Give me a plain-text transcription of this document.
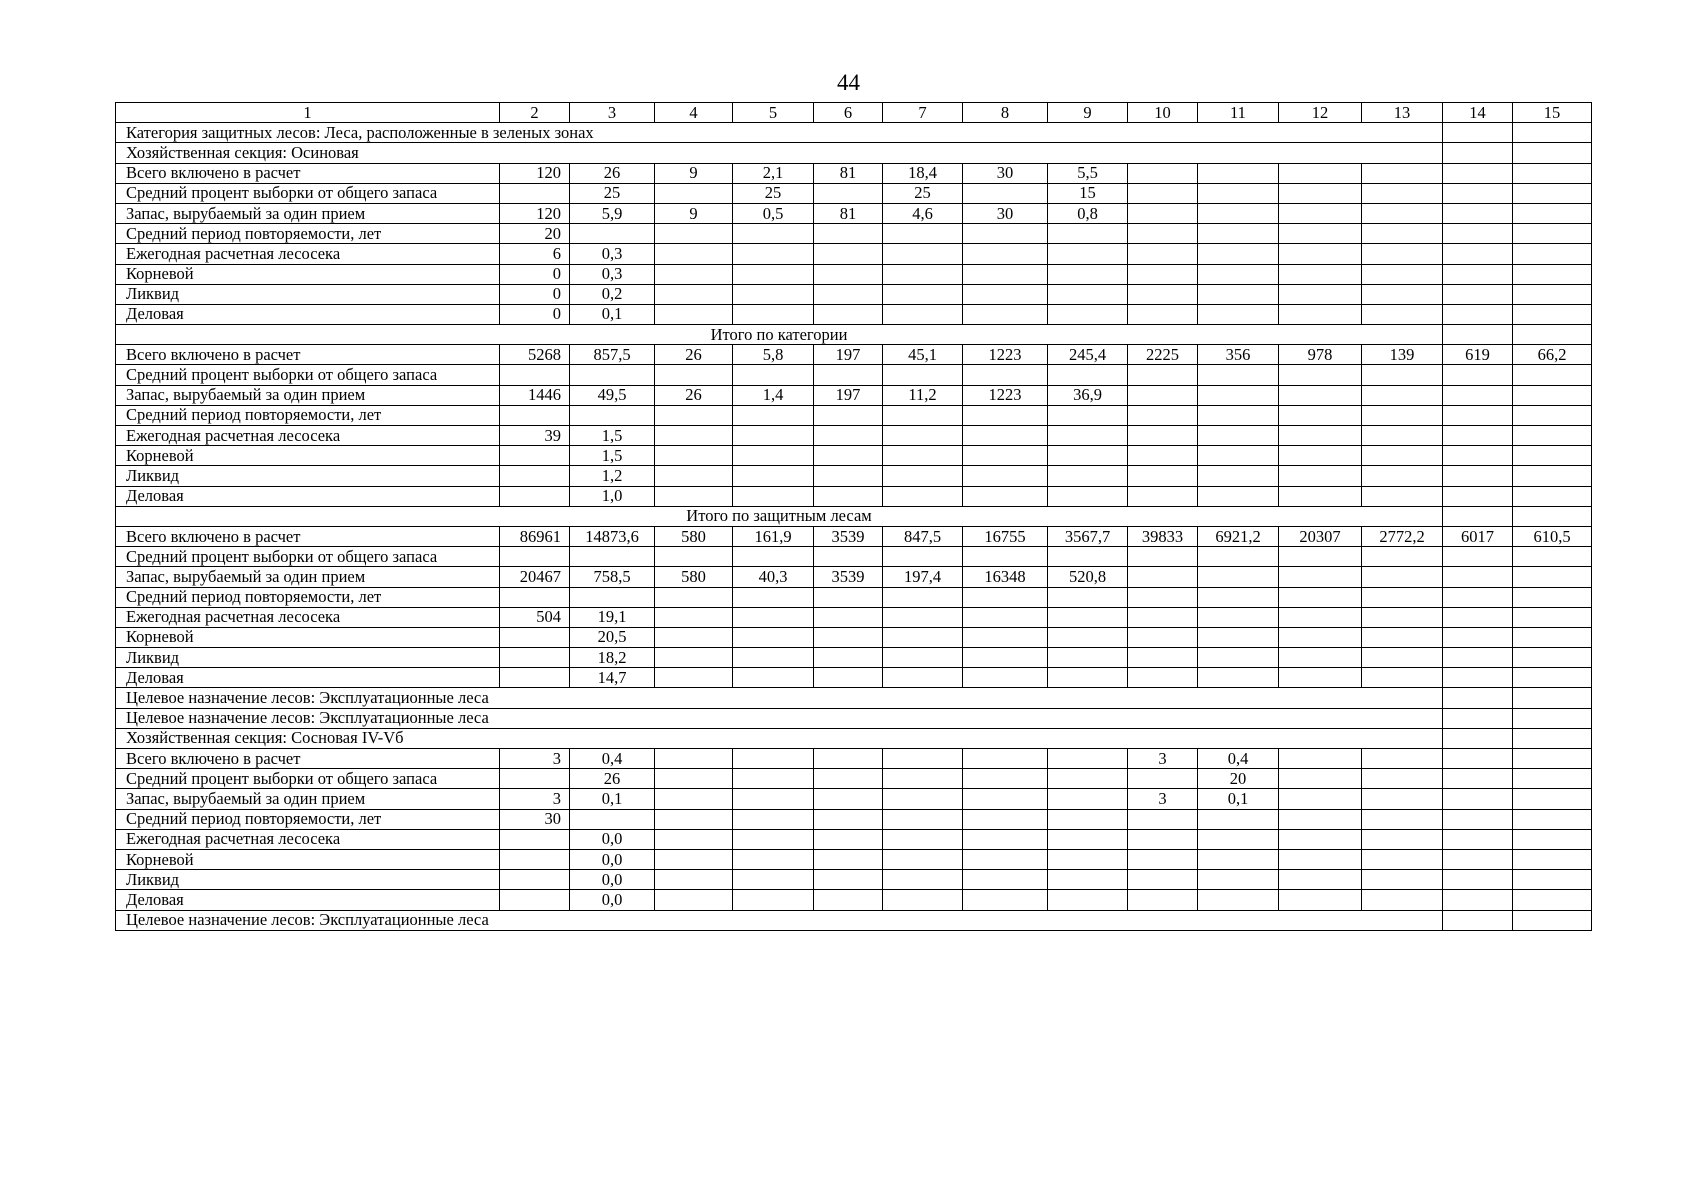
44
1	2	3	4	5	6	7	8	9	10	11	12	13	14	15
Категория защитных лесов: Леса, расположенные в зеленых зонах														
Хозяйственная секция: Осиновая														
Всего включено в расчет	120	26	9	2,1	81	18,4	30	5,5						
Средний процент выборки от общего запаса		25		25		25		15						
Запас, вырубаемый за один прием	120	5,9	9	0,5	81	4,6	30	0,8						
Средний период повторяемости, лет	20													
Ежегодная расчетная лесосека	6	0,3												
Корневой	0	0,3												
Ликвид	0	0,2												
Деловая	0	0,1												
Итого по категории														
Всего включено в расчет	5268	857,5	26	5,8	197	45,1	1223	245,4	2225	356	978	139	619	66,2
Средний процент выборки от общего запаса														
Запас, вырубаемый за один прием	1446	49,5	26	1,4	197	11,2	1223	36,9						
Средний период повторяемости, лет														
Ежегодная расчетная лесосека	39	1,5												
Корневой		1,5												
Ликвид		1,2												
Деловая		1,0												
Итого по защитным лесам														
Всего включено в расчет	86961	14873,6	580	161,9	3539	847,5	16755	3567,7	39833	6921,2	20307	2772,2	6017	610,5
Средний процент выборки от общего запаса														
Запас, вырубаемый за один прием	20467	758,5	580	40,3	3539	197,4	16348	520,8						
Средний период повторяемости, лет														
Ежегодная расчетная лесосека	504	19,1												
Корневой		20,5												
Ликвид		18,2												
Деловая		14,7												
Целевое назначение лесов: Эксплуатационные леса														
Целевое назначение лесов: Эксплуатационные леса														
Хозяйственная секция: Сосновая IV-Vб														
Всего включено в расчет	3	0,4							3	0,4				
Средний процент выборки от общего запаса		26								20				
Запас, вырубаемый за один прием	3	0,1							3	0,1				
Средний период повторяемости, лет	30													
Ежегодная расчетная лесосека		0,0												
Корневой		0,0												
Ликвид		0,0												
Деловая		0,0												
Целевое назначение лесов: Эксплуатационные леса														
